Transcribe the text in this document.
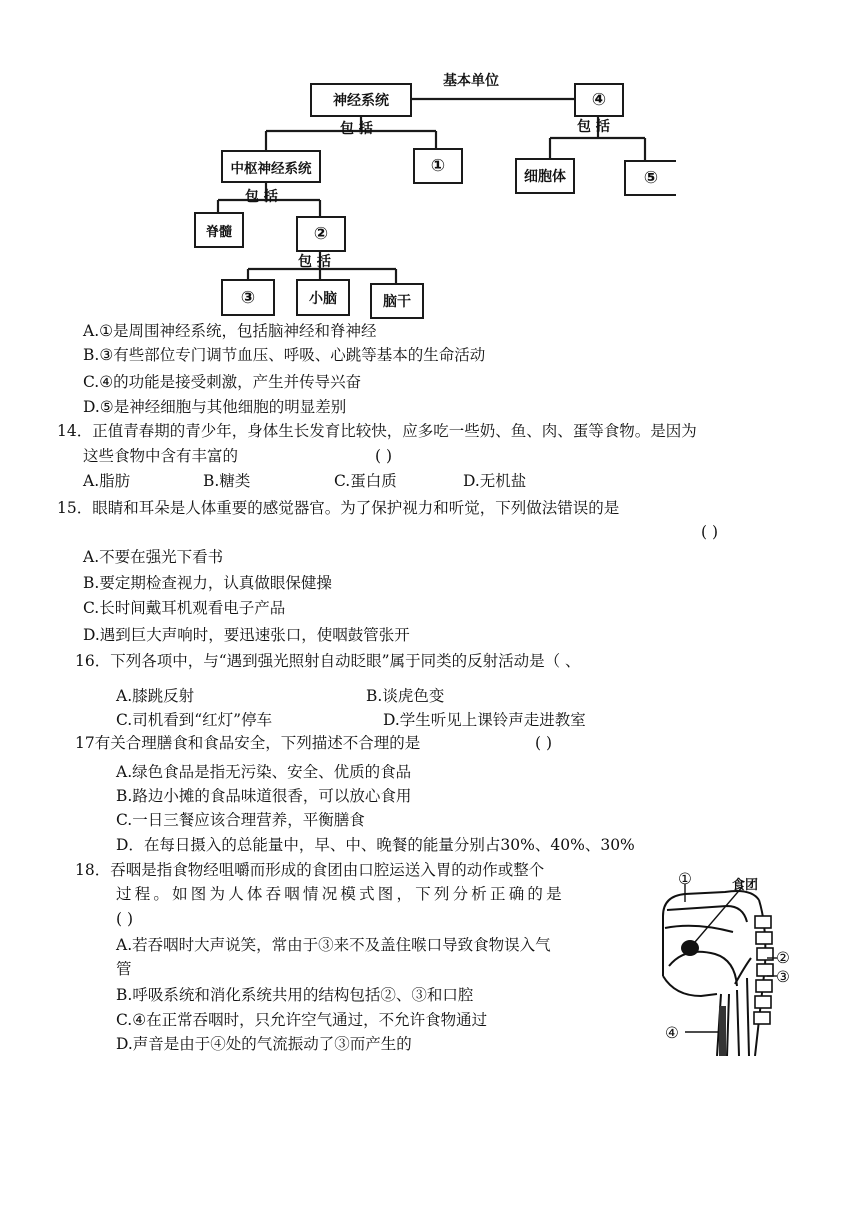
基本单位
神经系统	④
包 括	包 括
中枢神经系统	①
细胞体	⑤
包 括
脊髓	②
包 括
③	小脑	脑干
A.①是周围神经系统，包括脑神经和脊神经
B.③有些部位专门调节血压、呼吸、心跳等基本的生命活动
C.④的功能是接受刺激，产生并传导兴奋
D.⑤是神经细胞与其他细胞的明显差别
14．正值青春期的青少年，身体生长发育比较快，应多吃一些奶、鱼、肉、蛋等食物。是因为
这些食物中含有丰富的	( )
A.脂肪	B.糖类	C.蛋白质	D.无机盐
15．眼睛和耳朵是人体重要的感觉器官。为了保护视力和听觉，下列做法错误的是
( )
A.不要在强光下看书
B.要定期检查视力，认真做眼保健操
C.长时间戴耳机观看电子产品
D.遇到巨大声响时，要迅速张口，使咽鼓管张开
16．下列各项中，与“遇到强光照射自动眨眼”属于同类的反射活动是（ 、
A.膝跳反射	B.谈虎色变
C.司机看到“红灯”停车	D.学生听见上课铃声走进教室
17有关合理膳食和食品安全，下列描述不合理的是	( )
A.绿色食品是指无污染、安全、优质的食品
B.路边小摊的食品味道很香，可以放心食用
C.一日三餐应该合理营养，平衡膳食
D．在每日摄入的总能量中，早、中、晚餐的能量分别占30%、40%、30%
18．吞咽是指食物经咀嚼而形成的食团由口腔运送入胃的动作或整个
过程。如图为人体吞咽情况模式图，下列分析正确的是
( )
A.若吞咽时大声说笑，常由于③来不及盖住喉口导致食物误入气
管
B.呼吸系统和消化系统共用的结构包括②、③和口腔
C.④在正常吞咽时，只允许空气通过，不允许食物通过
D.声音是由于④处的气流振动了③而产生的
①	食团
②
③
④
